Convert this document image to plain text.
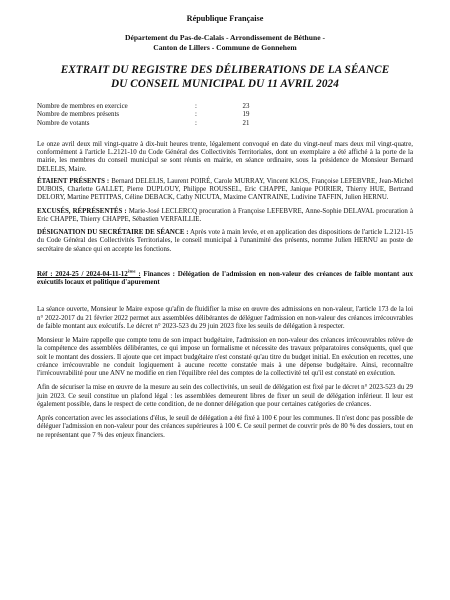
République Française

Département du Pas-de-Calais - Arrondissement de Béthune -
Canton de Lillers - Commune de Gonnehem
EXTRAIT DU REGISTRE DES DÉLIBERATIONS DE LA SÉANCE
DU CONSEIL MUNICIPAL DU 11 AVRIL 2024
Nombre de membres en exercice	:	23
Nombre de membres présents	:	19
Nombre de votants	:	21

Le onze avril deux mil vingt-quatre à dix-huit heures trente, légalement convoqué en date du vingt-neuf mars deux mil vingt-quatre, conformément à l'article L.2121-10 du Code Général des Collectivités Territoriales, dont un exemplaire a été affiché à la porte de la mairie, les membres du conseil municipal se sont réunis en mairie, en séance ordinaire, sous la présidence de Monsieur Bernard DELELIS, Maire.

ÉTAIENT PRÉSENTS : Bernard DELELIS, Laurent POIRÉ, Carole MURRAY, Vincent KLOS, Françoise LEFEBVRE, Jean-Michel DUBOIS, Charlette GALLET, Pierre DUPLOUY, Philippe ROUSSEL, Eric CHAPPE, Janique POIRIER, Thierry HUE, Bertrand DELORY, Martine PETITPAS, Céline DEBACK, Cathy NICUTA, Maxime CANTRAINE, Ludivine TAFFIN, Julien HERNU.

EXCUSÉS, RÉPRÉSENTÉS : Marie-José LECLERCQ procuration à Françoise LEFEBVRE, Anne-Sophie DELAVAL procuration à Eric CHAPPE, Thierry CHAPPE, Sébastien VERFAILLIE.

DÉSIGNATION DU SECRÉTAIRE DE SÉANCE : Après vote à main levée, et en application des dispositions de l'article L.2121-15 du Code Général des Collectivités Territoriales, le conseil municipal à l'unanimité des présents, nomme Julien HERNU au poste de secrétaire de séance qui en accepte les fonctions.

Réf : 2024-25 / 2024-04-11-12ème : Finances : Délégation de l'admission en non-valeur des créances de faible montant aux exécutifs locaux et politique d'apurement

La séance ouverte, Monsieur le Maire expose qu'afin de fluidifier la mise en œuvre des admissions en non-valeur, l'article 173 de la loi n° 2022-2017 du 21 février 2022 permet aux assemblées délibérantes de déléguer l'admission en non-valeur des créances irrécouvrables de faible montant aux exécutifs. Le décret n° 2023-523 du 29 juin 2023 fixe les seuils de délégation à respecter.

Monsieur le Maire rappelle que compte tenu de son impact budgétaire, l'admission en non-valeur des créances irrécouvrables relève de la compétence des assemblées délibérantes, ce qui impose un formalisme et nécessite des travaux préparatoires conséquents, quel que soit le montant des dossiers. Il ajoute que cet impact budgétaire n'est constaté qu'au titre du budget initial. En exécution en recettes, une créance irrécouvrable ne conduit logiquement à aucune recette constatée mais à une dépense budgétaire. Ainsi, reconnaître l'irrécouvrabilité pour une ANV ne modifie en rien l'équilibre réel des comptes de la collectivité tel qu'il est constaté en exécution.

Afin de sécuriser la mise en œuvre de la mesure au sein des collectivités, un seuil de délégation est fixé par le décret n° 2023-523 du 29 juin 2023. Ce seuil constitue un plafond légal : les assemblées demeurent libres de fixer un seuil de délégation inférieur. Il leur est également possible, dans le respect de cette condition, de ne donner délégation que pour certaines catégories de créances.

Après concertation avec les associations d'élus, le seuil de délégation a été fixé à 100 € pour les communes. Il n'est donc pas possible de déléguer l'admission en non-valeur pour des créances supérieures à 100 €. Ce seuil permet de couvrir près de 80 % des dossiers, tout en ne représentant que 7 % des enjeux financiers.
